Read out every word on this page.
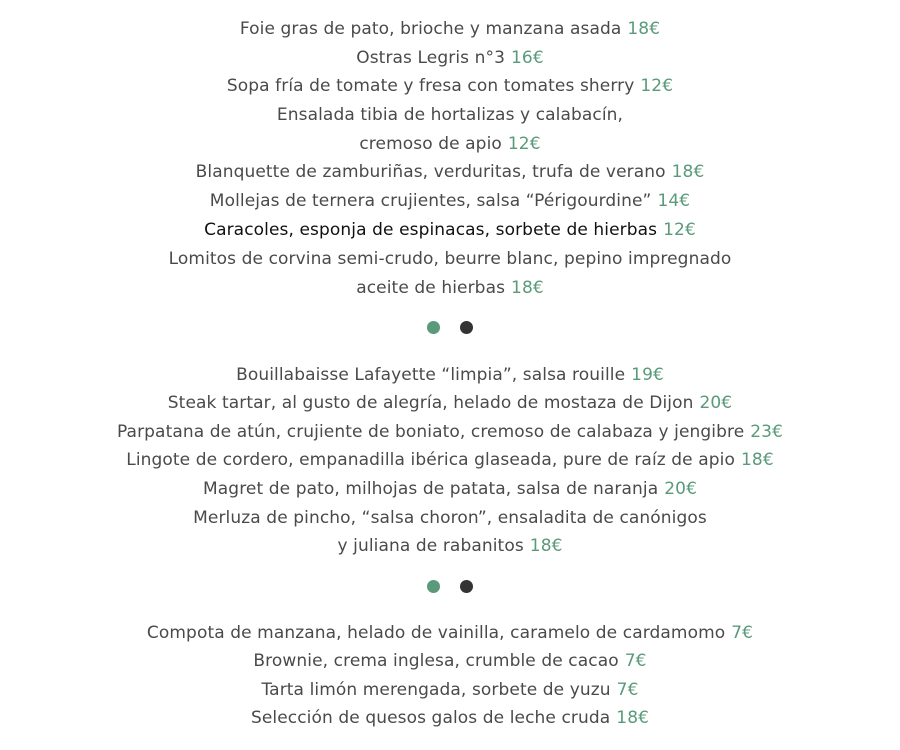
Foie gras de pato, brioche y manzana asada 18€
Ostras Legris n°3 16€
Sopa fría de tomate y fresa con tomates sherry 12€
Ensalada tibia de hortalizas y calabacín,
cremoso de apio 12€
Blanquette de zamburiñas, verduritas, trufa de verano 18€
Mollejas de ternera crujientes, salsa “Périgourdine” 14€
Caracoles, esponja de espinacas, sorbete de hierbas 12€
Lomitos de corvina semi-crudo, beurre blanc, pepino impregnado
aceite de hierbas 18€
Bouillabaisse Lafayette “limpia”, salsa rouille 19€
Steak tartar, al gusto de alegría, helado de mostaza de Dijon 20€
Parpatana de atún, crujiente de boniato, cremoso de calabaza y jengibre 23€
Lingote de cordero, empanadilla ibérica glaseada, pure de raíz de apio 18€
Magret de pato, milhojas de patata, salsa de naranja 20€
Merluza de pincho, “salsa choron”, ensaladita de canónigos
y juliana de rabanitos 18€
Compota de manzana, helado de vainilla, caramelo de cardamomo 7€
Brownie, crema inglesa, crumble de cacao 7€
Tarta limón merengada, sorbete de yuzu 7€
Selección de quesos galos de leche cruda 18€
